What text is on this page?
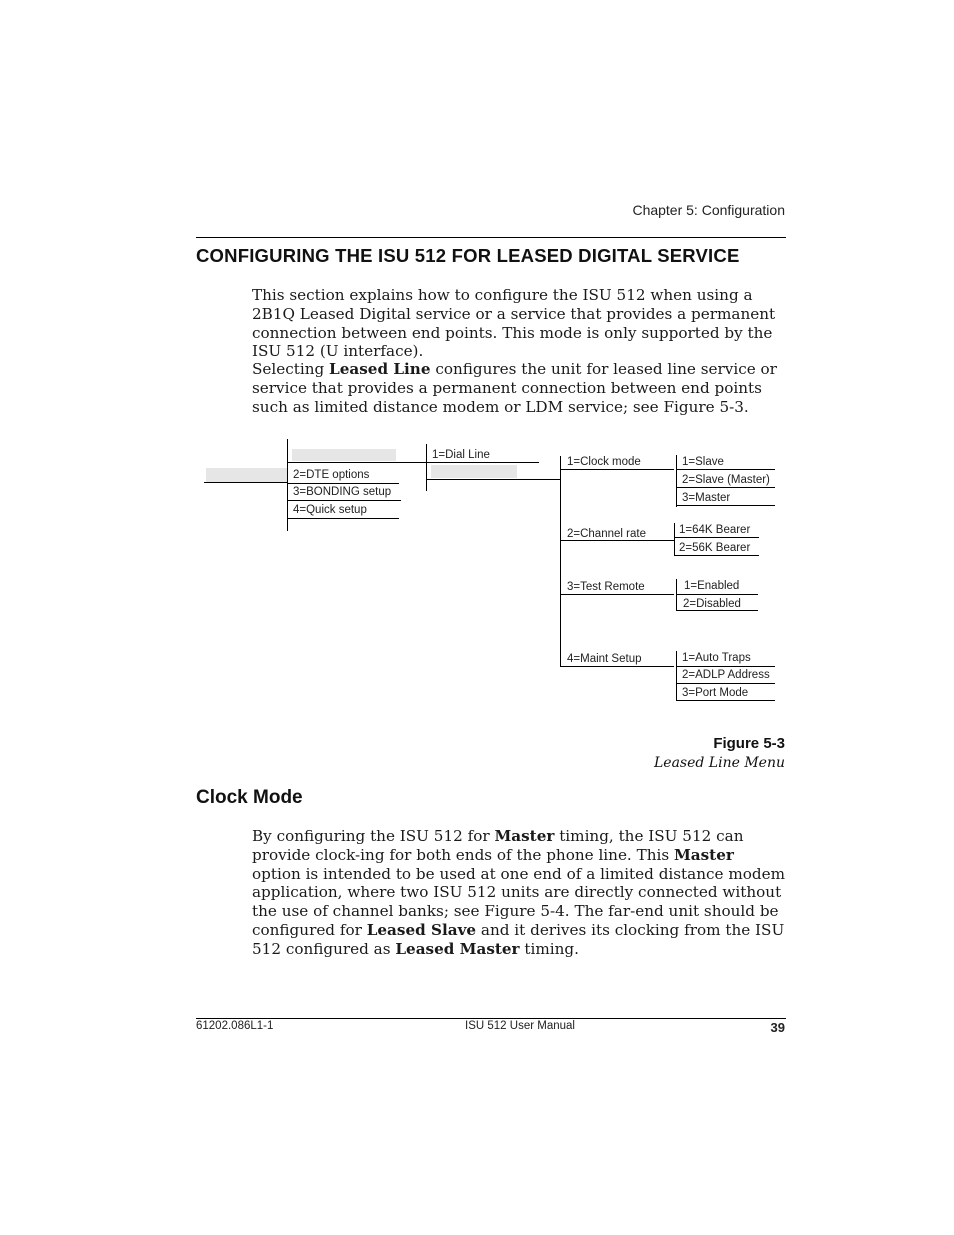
Chapter 5: Configuration
CONFIGURING THE ISU 512 FOR LEASED DIGITAL SERVICE
This section explains how to configure the ISU 512 when using a 2B1Q Leased Digital service or a service that provides a permanent connection between end points. This mode is only supported by the ISU 512 (U interface).
Selecting Leased Line configures the unit for leased line service or service that provides a permanent connection between end points such as limited distance modem or LDM service; see Figure 5-3.
2=DTE options
3=BONDING setup
4=Quick setup
1=Dial Line
1=Clock mode
2=Channel rate
3=Test Remote
4=Maint Setup
1=Slave
2=Slave (Master)
3=Master
1=64K Bearer
2=56K Bearer
1=Enabled
2=Disabled
1=Auto Traps
2=ADLP Address
3=Port Mode
Figure 5-3
Leased Line Menu
Clock Mode
By configuring the ISU 512 for Master timing, the ISU 512 can provide clock-ing for both ends of the phone line. This Master option is intended to be used at one end of a limited distance modem application, where two ISU 512 units are directly connected without the use of channel banks; see Figure 5-4. The far-end unit should be configured for Leased Slave and it derives its clocking from the ISU 512 configured as Leased Master timing.
61202.086L1-1	ISU 512 User Manual	39
